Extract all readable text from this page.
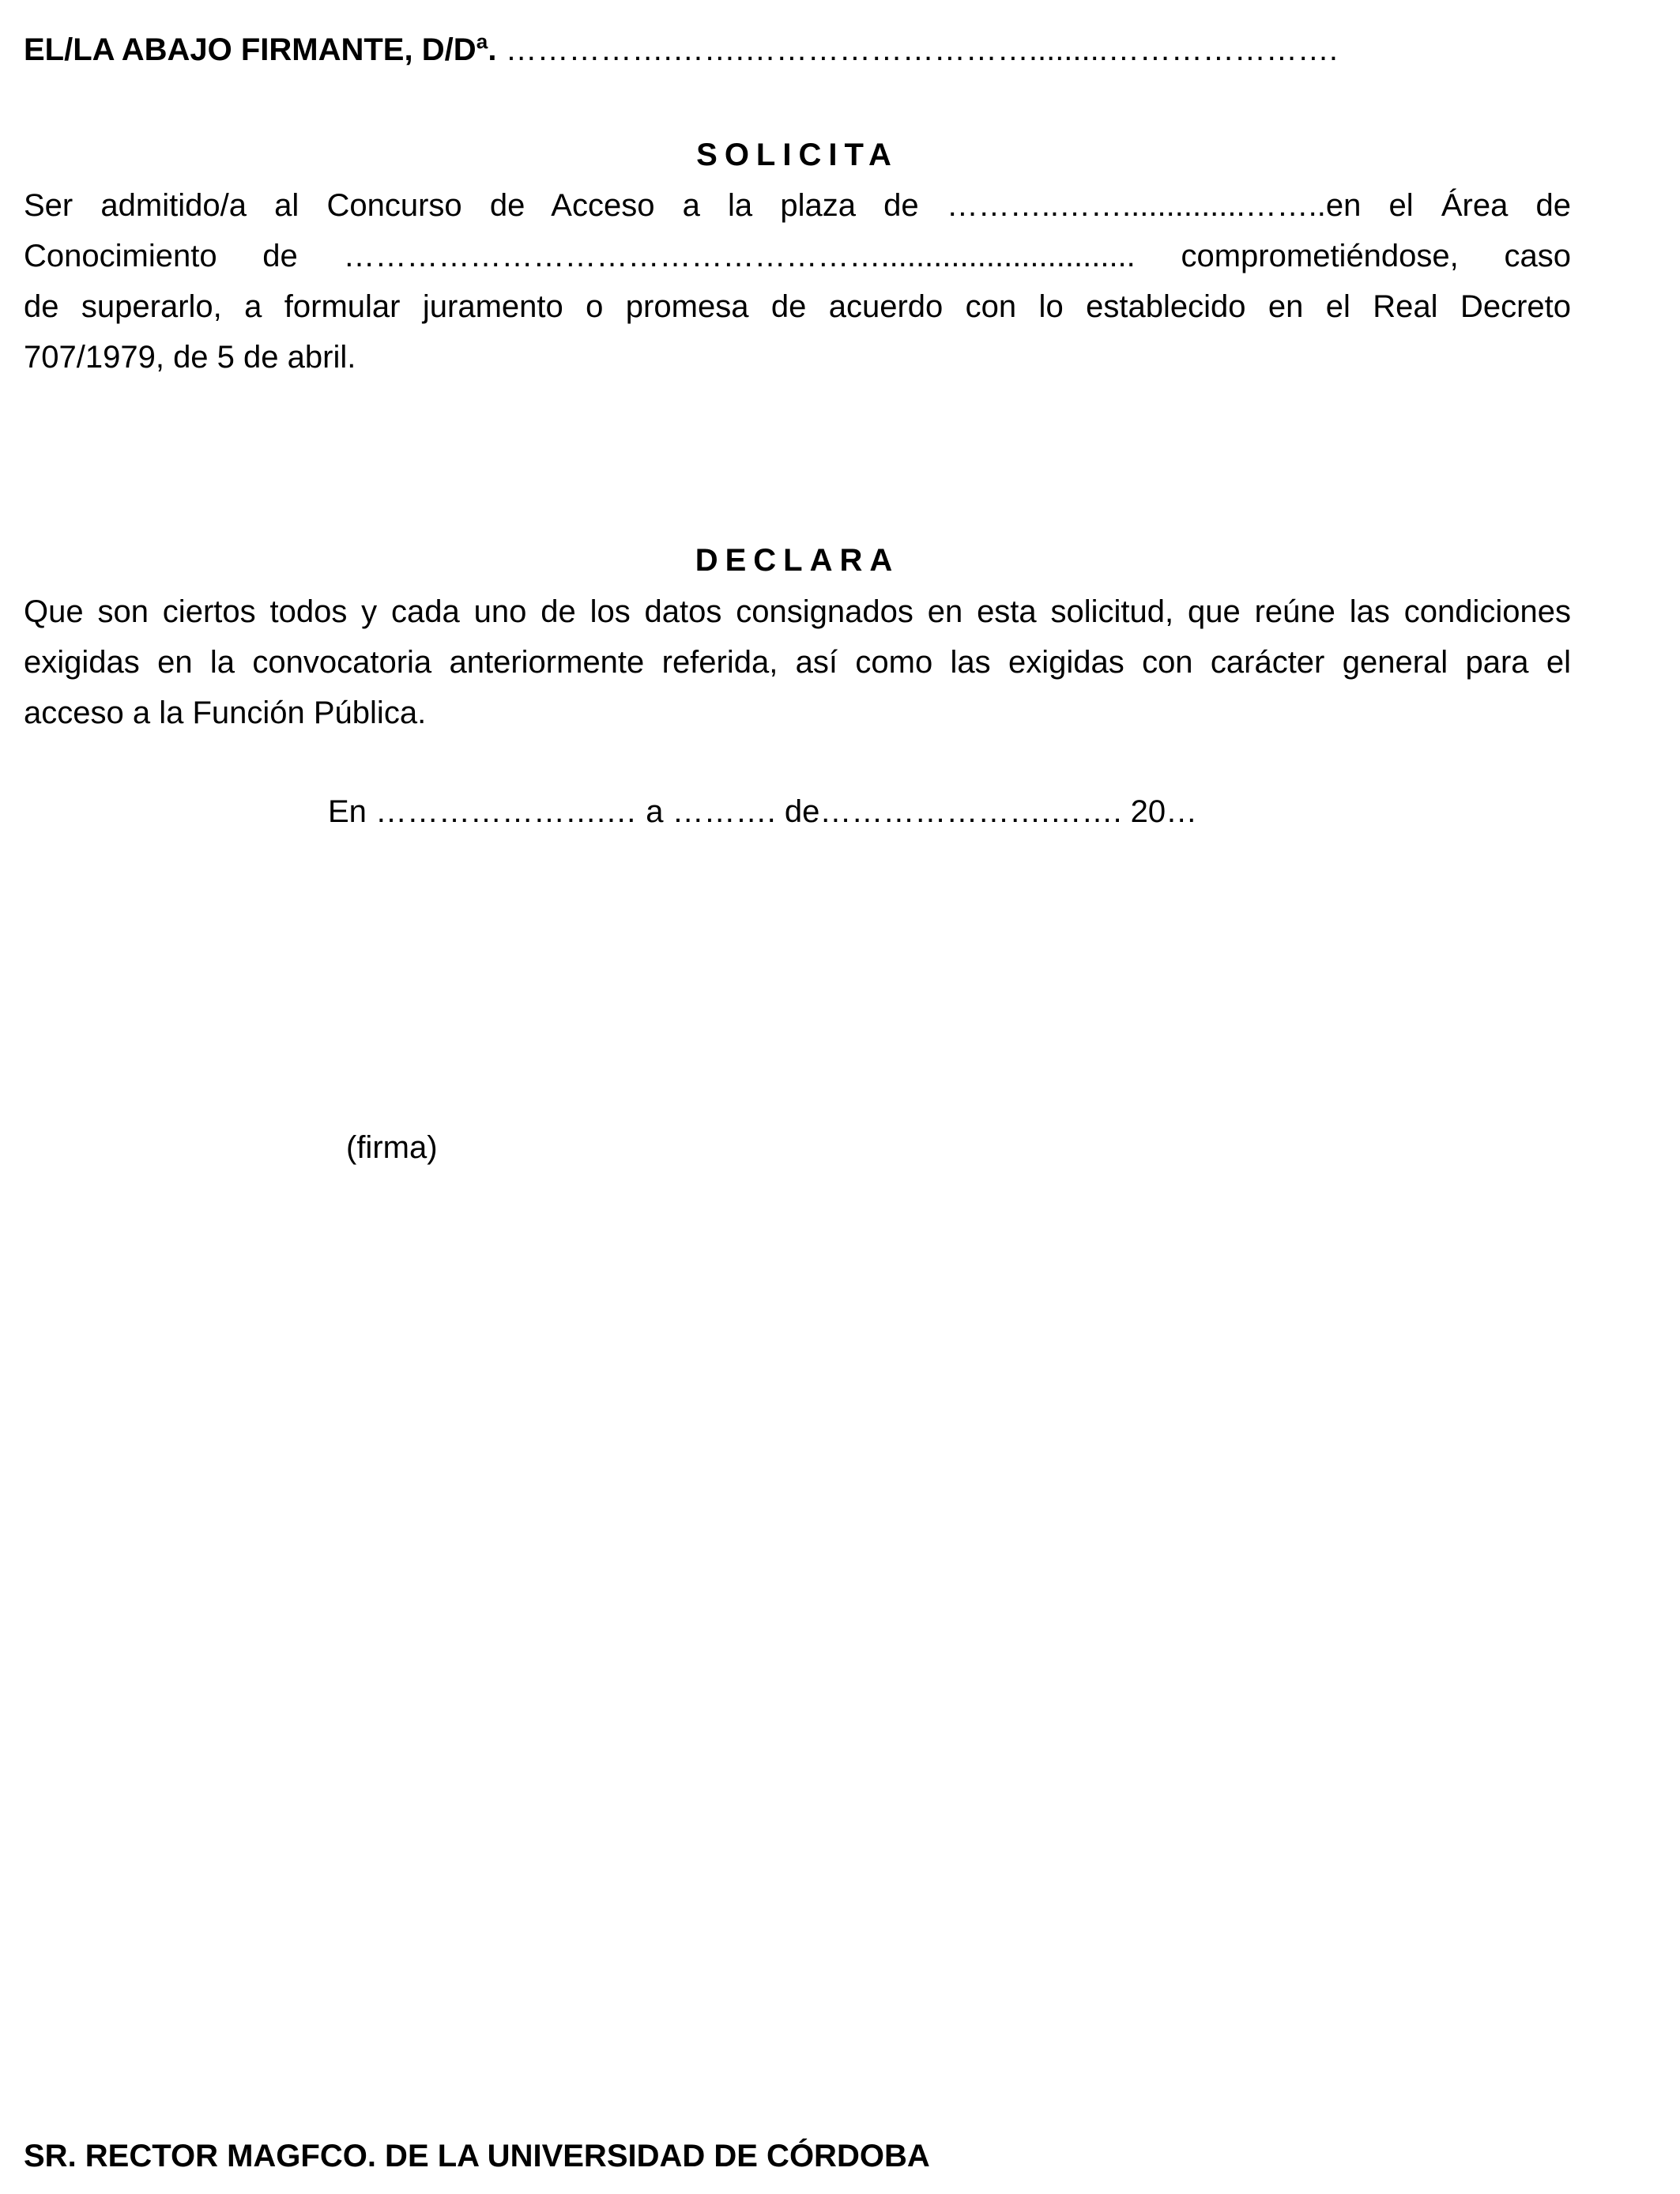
EL/LA ABAJO FIRMANTE, D/Dª. …………….…….……………………….........………………….
SOLICITA
Ser admitido/a al Concurso de Acceso a la plaza de ………..……..............……..en el Área de
Conocimiento de ……………………………………………............................. comprometiéndose, caso
de superarlo, a formular juramento o promesa de acuerdo con lo establecido en el Real Decreto
707/1979, de 5 de abril.
DECLARA
Que son ciertos todos y cada uno de los datos consignados en esta solicitud, que reúne las condiciones
exigidas en la convocatoria anteriormente referida, así como las exigidas con carácter general para el
acceso a la Función Pública.
En ………………….… a ………. de………………….……. 20…
(firma)
SR. RECTOR MAGFCO. DE LA UNIVERSIDAD DE CÓRDOBA
